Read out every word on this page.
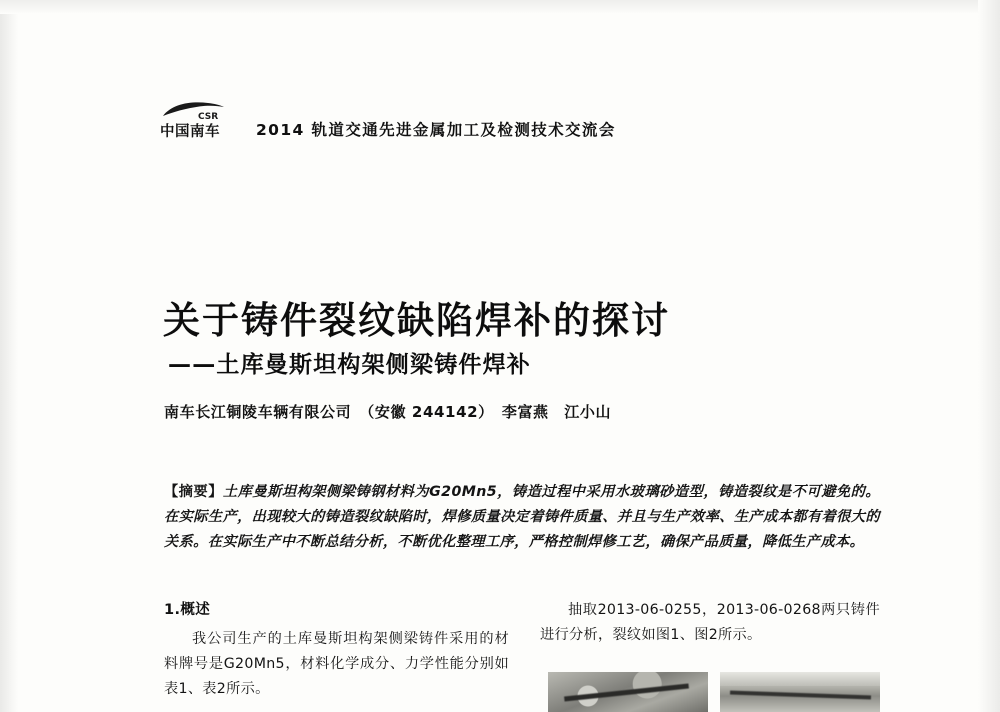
CSR
中国南车 2014 轨道交通先进金属加工及检测技术交流会
关于铸件裂纹缺陷焊补的探讨
——土库曼斯坦构架侧梁铸件焊补
南车长江铜陵车辆有限公司　（安徽 244142）　李富燕　江小山
【摘要】土库曼斯坦构架侧梁铸钢材料为G20Mn5，铸造过程中采用水玻璃砂造型，铸造裂纹是不可避免的。在实际生产，出现较大的铸造裂纹缺陷时，焊修质量决定着铸件质量、并且与生产效率、生产成本都有着很大的关系。在实际生产中不断总结分析，不断优化整理工序，严格控制焊修工艺，确保产品质量，降低生产成本。
1.概述

我公司生产的土库曼斯坦构架侧梁铸件采用的材料牌号是G20Mn5，材料化学成分、力学性能分别如表1、表2所示。

抽取2013-06-0255，2013-06-0268两只铸件进行分析，裂纹如图1、图2所示。
